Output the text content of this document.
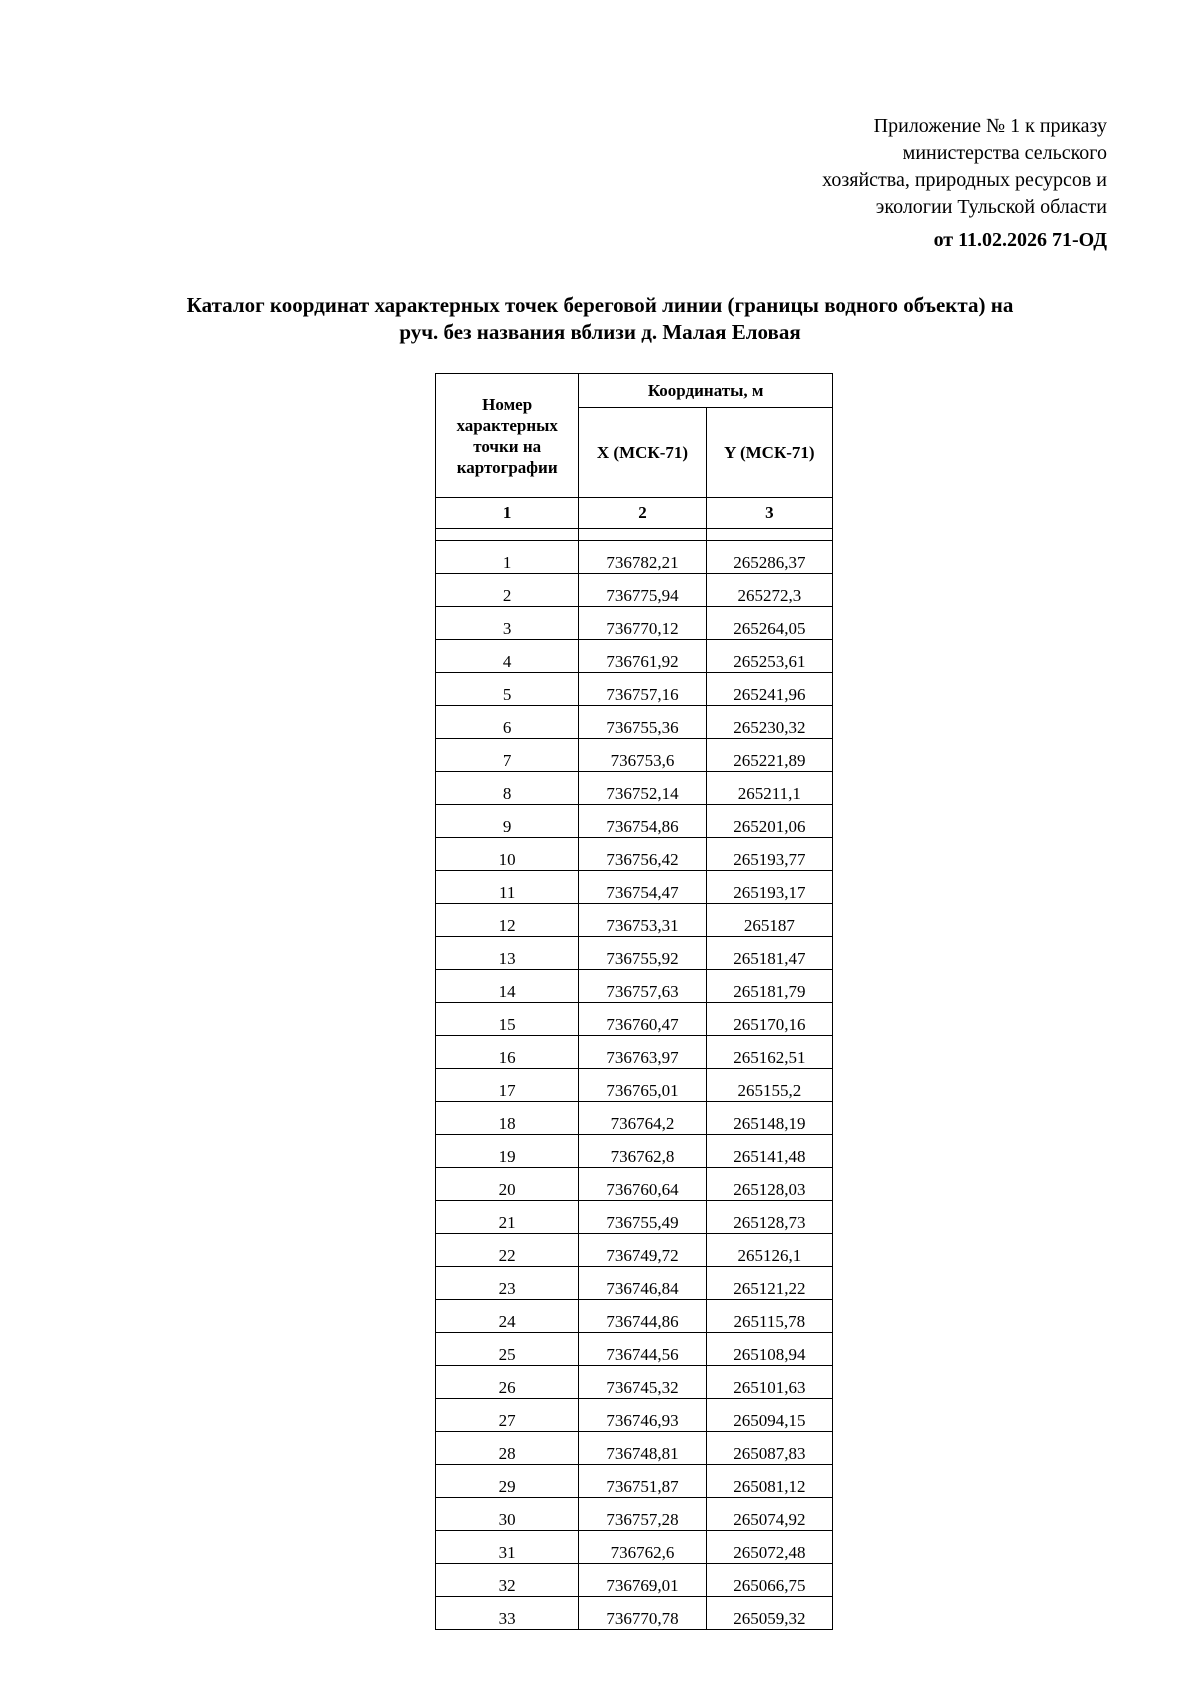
Приложение № 1 к приказу
министерства сельского
хозяйства, природных ресурсов и
экологии Тульской области
от 11.02.2026 71-ОД
Каталог координат характерных точек береговой линии (границы водного объекта) на
руч. без названия вблизи д. Малая Еловая
Номер характерных точки на картографии	Координаты, м	
	X (МСК-71)	Y (МСК-71)
1	2	3

1	736782,21	265286,37
2	736775,94	265272,3
3	736770,12	265264,05
4	736761,92	265253,61
5	736757,16	265241,96
6	736755,36	265230,32
7	736753,6	265221,89
8	736752,14	265211,1
9	736754,86	265201,06
10	736756,42	265193,77
11	736754,47	265193,17
12	736753,31	265187
13	736755,92	265181,47
14	736757,63	265181,79
15	736760,47	265170,16
16	736763,97	265162,51
17	736765,01	265155,2
18	736764,2	265148,19
19	736762,8	265141,48
20	736760,64	265128,03
21	736755,49	265128,73
22	736749,72	265126,1
23	736746,84	265121,22
24	736744,86	265115,78
25	736744,56	265108,94
26	736745,32	265101,63
27	736746,93	265094,15
28	736748,81	265087,83
29	736751,87	265081,12
30	736757,28	265074,92
31	736762,6	265072,48
32	736769,01	265066,75
33	736770,78	265059,32
